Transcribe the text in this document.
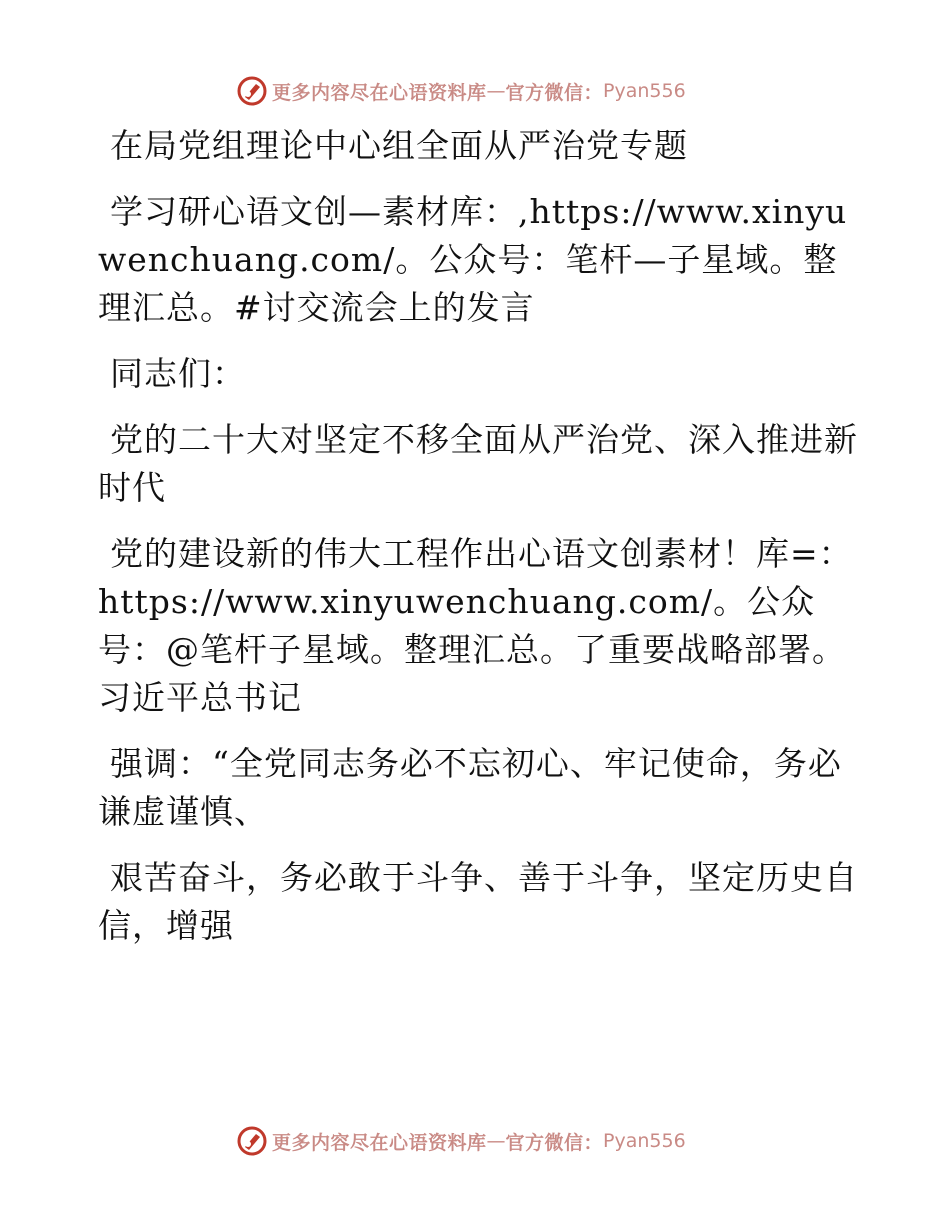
更多内容尽在心语资料库 — 官方微信： Pyan556

在局党组理论中心组全面从严治党专题

学习研心语文创—素材库：,https://www.xinyuwenchuang.com/。公众号：笔杆—子星域。整理汇总。#讨交流会上的发言

同志们：

党的二十大对坚定不移全面从严治党、深入推进新时代

党的建设新的伟大工程作出心语文创素材！库=：https://www.xinyuwenchuang.com/。公众号：@笔杆子星域。整理汇总。了重要战略部署。习近平总书记

强调：“全党同志务必不忘初心、牢记使命，务必谦虚谨慎、

艰苦奋斗，务必敢于斗争、善于斗争，坚定历史自信，增强

更多内容尽在心语资料库 — 官方微信： Pyan556
